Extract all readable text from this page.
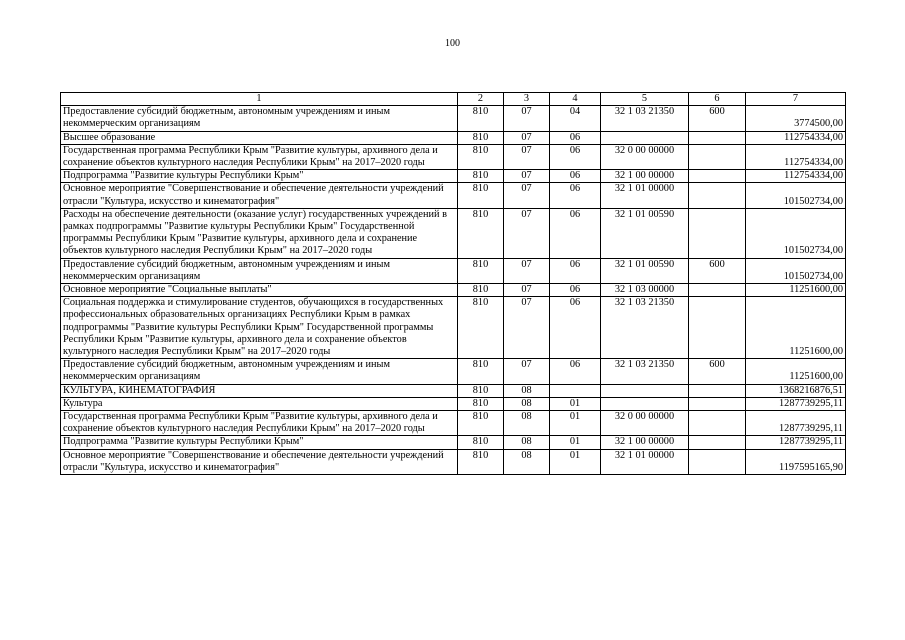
100
1	2	3	4	5	6	7
Предоставление субсидий бюджетным, автономным учреждениям и иным некоммерческим организациям	810	07	04	32 1 03 21350	600	3774500,00
Высшее образование	810	07	06			112754334,00
Государственная программа Республики Крым "Развитие культуры, архивного дела и сохранение объектов культурного наследия Республики Крым" на 2017–2020 годы	810	07	06	32 0 00 00000		112754334,00
Подпрограмма "Развитие культуры Республики Крым"	810	07	06	32 1 00 00000		112754334,00
Основное мероприятие "Совершенствование и обеспечение деятельности учреждений отрасли "Культура, искусство и кинематография"	810	07	06	32 1 01 00000		101502734,00
Расходы на обеспечение деятельности (оказание услуг) государственных учреждений в рамках подпрограммы "Развитие культуры Республики Крым" Государственной программы Республики Крым "Развитие культуры, архивного дела и сохранение объектов культурного наследия Республики Крым" на 2017–2020 годы	810	07	06	32 1 01 00590		101502734,00
Предоставление субсидий бюджетным, автономным учреждениям и иным некоммерческим организациям	810	07	06	32 1 01 00590	600	101502734,00
Основное мероприятие "Социальные выплаты"	810	07	06	32 1 03 00000		11251600,00
Социальная поддержка и стимулирование студентов, обучающихся в государственных профессиональных образовательных организациях Республики Крым в рамках подпрограммы "Развитие культуры Республики Крым" Государственной программы Республики Крым "Развитие культуры, архивного дела и сохранение объектов культурного наследия Республики Крым" на 2017–2020 годы	810	07	06	32 1 03 21350		11251600,00
Предоставление субсидий бюджетным, автономным учреждениям и иным некоммерческим организациям	810	07	06	32 1 03 21350	600	11251600,00
КУЛЬТУРА, КИНЕМАТОГРАФИЯ	810	08				1368216876,51
Культура	810	08	01			1287739295,11
Государственная программа Республики Крым "Развитие культуры, архивного дела и сохранение объектов культурного наследия Республики Крым" на 2017–2020 годы	810	08	01	32 0 00 00000		1287739295,11
Подпрограмма "Развитие культуры Республики Крым"	810	08	01	32 1 00 00000		1287739295,11
Основное мероприятие "Совершенствование и обеспечение деятельности учреждений отрасли "Культура, искусство и кинематография"	810	08	01	32 1 01 00000		1197595165,90
